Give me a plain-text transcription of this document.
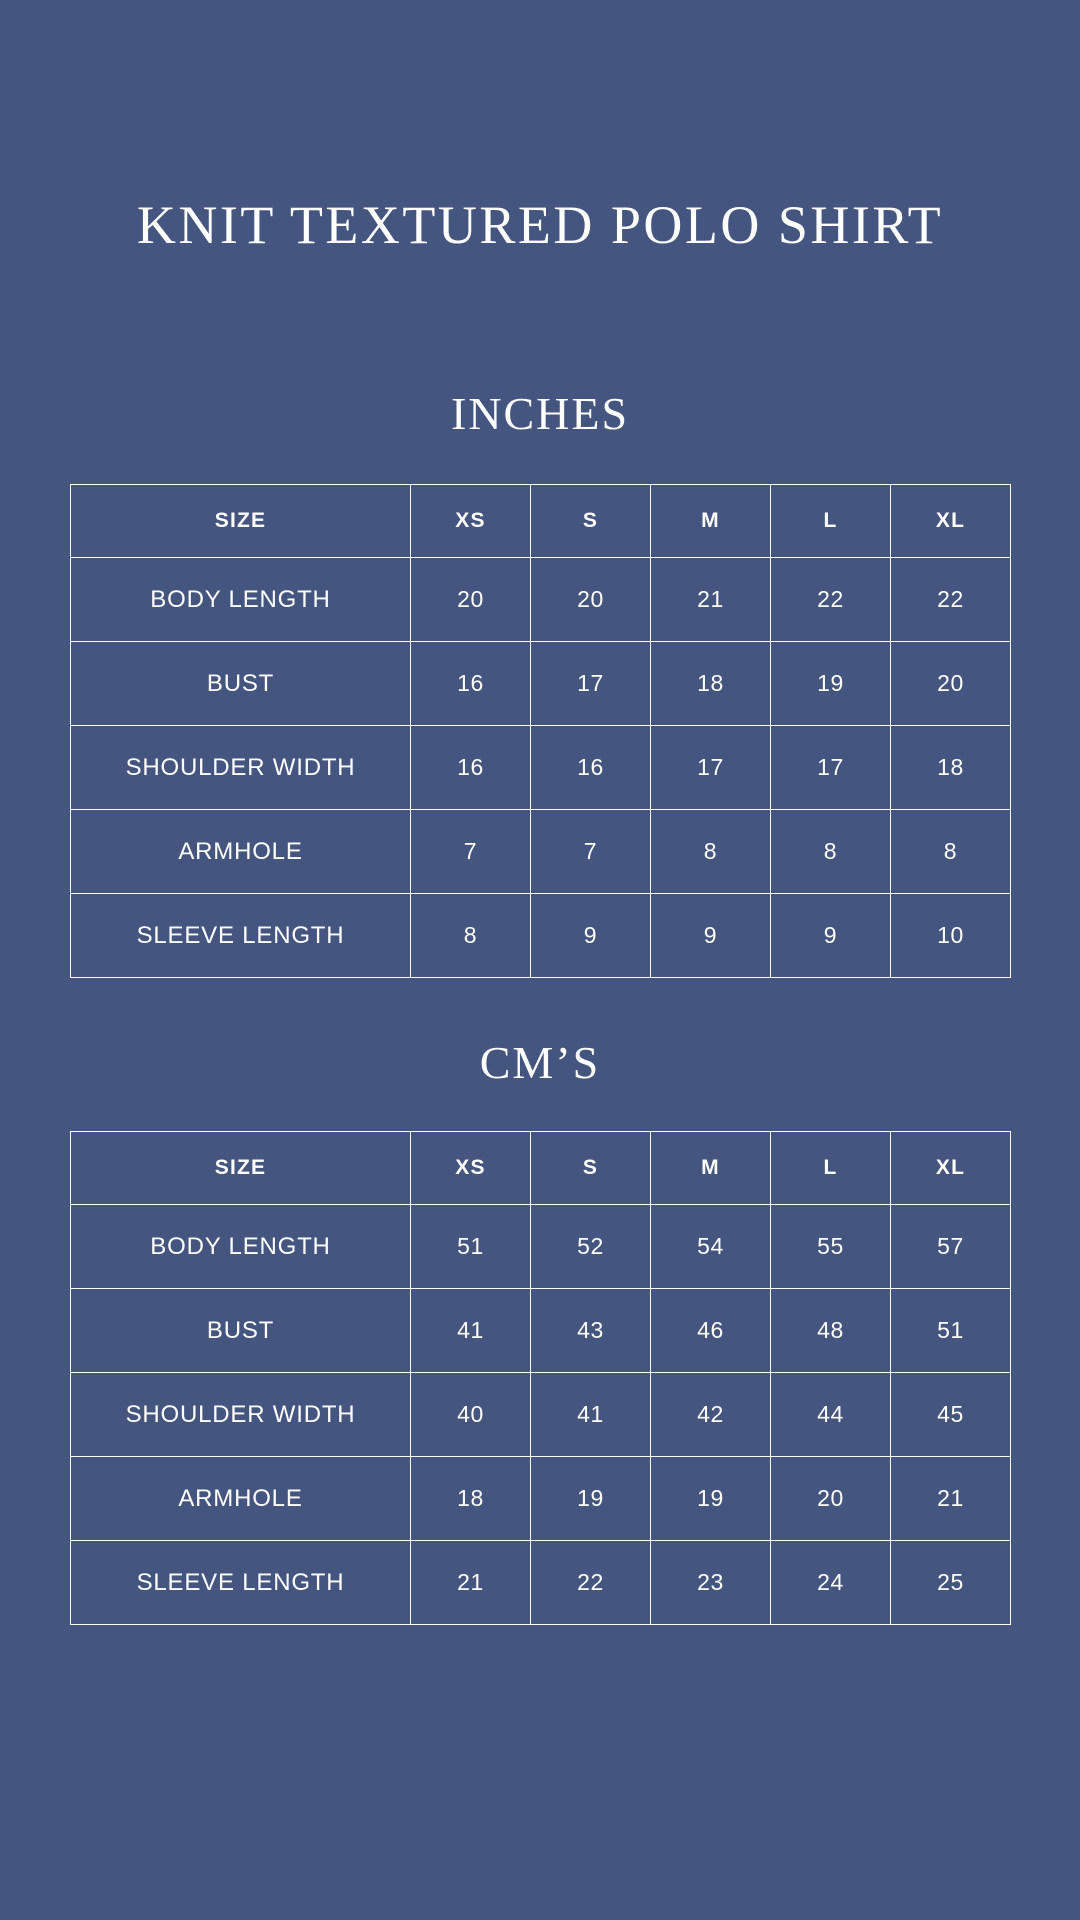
KNIT TEXTURED POLO SHIRT
INCHES
SIZE	XS	S	M	L	XL
BODY LENGTH	20	20	21	22	22
BUST	16	17	18	19	20
SHOULDER WIDTH	16	16	17	17	18
ARMHOLE	7	7	8	8	8
SLEEVE LENGTH	8	9	9	9	10
CM’S
SIZE	XS	S	M	L	XL
BODY LENGTH	51	52	54	55	57
BUST	41	43	46	48	51
SHOULDER WIDTH	40	41	42	44	45
ARMHOLE	18	19	19	20	21
SLEEVE LENGTH	21	22	23	24	25
